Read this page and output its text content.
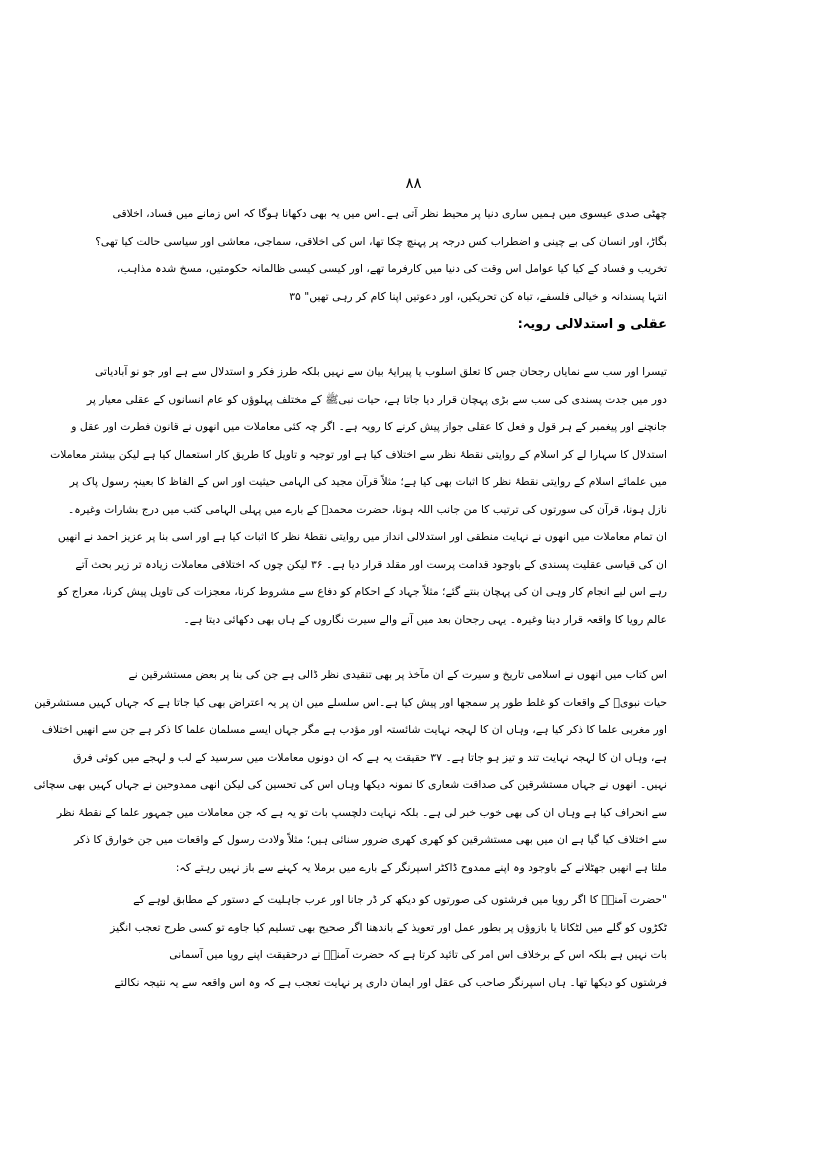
۸۸
چھٹی صدی عیسوی میں ہمیں ساری دنیا پر محیط نظر آتی ہے۔اس میں یہ بھی دکھانا ہوگا کہ اس زمانے میں فساد، اخلاقی
بگاڑ، اور انسان کی بے چینی و اضطراب کس درجہ پر پہنچ چکا تھا، اس کی اخلاقی، سماجی، معاشی اور سیاسی حالت کیا تھی؟
تخریب و فساد کے کیا کیا عوامل اس وقت کی دنیا میں کارفرما تھے، اور کیسی کیسی ظالمانہ حکومتیں، مسخ شدہ مذاہب،
انتہا پسندانہ و خیالی فلسفے، تباہ کن تحریکیں، اور دعوتیں اپنا کام کر رہی تھیں" ۳۵
عقلی و استدلالی رویہ:
تیسرا اور سب سے نمایاں رجحان جس کا تعلق اسلوب یا پیرایۂ بیان سے نہیں بلکہ طرز فکر و استدلال سے ہے اور جو نو آبادیاتی
دور میں جدت پسندی کی سب سے بڑی پہچان قرار دیا جاتا ہے، حیات نبیﷺ کے مختلف پہلوؤں کو عام انسانوں کے عقلی معیار پر
جانچنے اور پیغمبر کے ہر قول و فعل کا عقلی جواز پیش کرنے کا رویہ ہے۔ اگر چہ کئی معاملات میں انھوں نے قانون فطرت اور عقل و
استدلال کا سہارا لے کر اسلام کے روایتی نقطۂ نظر سے اختلاف کیا ہے اور توجیہ و تاویل کا طریق کار استعمال کیا ہے لیکن بیشتر معاملات
میں علمائے اسلام کے روایتی نقطۂ نظر کا اثبات بھی کیا ہے؛ مثلاً قرآن مجید کی الہامی حیثیت اور اس کے الفاظ کا بعینہٖ رسول پاک پر
نازل ہونا، قرآن کی سورتوں کی ترتیب کا من جانب اللہ ہونا، حضرت محمدؐ کے بارے میں پہلی الہامی کتب میں درج بشارات وغیرہ۔
ان تمام معاملات میں انھوں نے نہایت منطقی اور استدلالی انداز میں روایتی نقطۂ نظر کا اثبات کیا ہے اور اسی بنا پر عزیز احمد نے انھیں
ان کی قیاسی عقلیت پسندی کے باوجود قدامت پرست اور مقلد قرار دیا ہے۔ ۳۶ لیکن چوں کہ اختلافی معاملات زیادہ تر زیر بحث آتے
رہے اس لیے انجام کار وہی ان کی پہچان بنتے گئے؛ مثلاً جہاد کے احکام کو دفاع سے مشروط کرنا، معجزات کی تاویل پیش کرنا، معراج کو
عالم رویا کا واقعہ قرار دینا وغیرہ۔ یہی رجحان بعد میں آنے والے سیرت نگاروں کے ہاں بھی دکھائی دیتا ہے۔
اس کتاب میں انھوں نے اسلامی تاریخ و سیرت کے ان مآخذ پر بھی تنقیدی نظر ڈالی ہے جن کی بنا پر بعض مستشرقین نے
حیات نبویؐ کے واقعات کو غلط طور پر سمجھا اور پیش کیا ہے۔اس سلسلے میں ان پر یہ اعتراض بھی کیا جاتا ہے کہ جہاں کہیں مستشرقین
اور مغربی علما کا ذکر کیا ہے، وہاں ان کا لہجہ نہایت شائستہ اور مؤدب ہے مگر جہاں ایسے مسلمان علما کا ذکر ہے جن سے انھیں اختلاف
ہے، وہاں ان کا لہجہ نہایت تند و تیز ہو جاتا ہے۔ ۳۷ حقیقت یہ ہے کہ ان دونوں معاملات میں سرسید کے لب و لہجے میں کوئی فرق
نہیں۔ انھوں نے جہاں مستشرقین کی صداقت شعاری کا نمونہ دیکھا وہاں اس کی تحسین کی لیکن انھی ممدوحین نے جہاں کہیں بھی سچائی
سے انحراف کیا ہے وہاں ان کی بھی خوب خبر لی ہے۔ بلکہ نہایت دلچسپ بات تو یہ ہے کہ جن معاملات میں جمہور علما کے نقطۂ نظر
سے اختلاف کیا گیا ہے ان میں بھی مستشرقین کو کھری کھری ضرور سنائی ہیں؛ مثلاً ولادت رسول کے واقعات میں جن خوارق کا ذکر
ملتا ہے انھیں جھٹلانے کے باوجود وہ اپنے ممدوح ڈاکٹر اسپرنگر کے بارے میں برملا یہ کہنے سے باز نہیں رہتے کہ:
"حضرت آمنہؓ کا اگر رویا میں فرشتوں کی صورتوں کو دیکھ کر ڈر جانا اور عرب جاہلیت کے دستور کے مطابق لوہے کے
ٹکڑوں کو گلے میں لٹکانا یا بازوؤں پر بطور عمل اور تعویذ کے باندھنا اگر صحیح بھی تسلیم کیا جاوے تو کسی طرح تعجب انگیز
بات نہیں ہے بلکہ اس کے برخلاف اس امر کی تائید کرتا ہے کہ حضرت آمنہؓ نے درحقیقت اپنے رویا میں آسمانی
فرشتوں کو دیکھا تھا۔ ہاں اسپرنگر صاحب کی عقل اور ایمان داری پر نہایت تعجب ہے کہ وہ اس واقعہ سے یہ نتیجہ نکالتے
